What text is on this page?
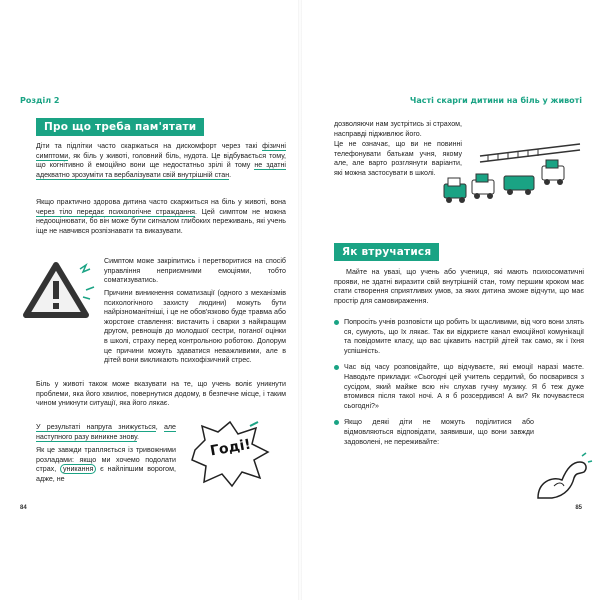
Розділ 2
Про що треба пам'ятати

Діти та підлітки часто скаржаться на дискомфорт через такі фізичні симптоми, як біль у животі, головний біль, нудота. Це відбувається тому, що когнітивно й емоційно вони ще недостатньо зрілі й тому не здатні адекватно зрозуміти та вербалізувати свій внутрішній стан.

Якщо практично здорова дитина часто скаржиться на біль у животі, вона через тіло передає психологічне страждання. Цей симптом не можна недооцінювати, бо він може бути сигналом глибоких переживань, які учень іще не навчився розпізнавати та виказувати.

Симптом може закріпитись і перетворитися на спосіб управління неприємними емоціями, тобто соматизуватись.

Причини виникнення соматизації (одного з механізмів психологічного захисту людини) можуть бути найрізноманітніші, і це не обов'язково буде травма або жорстоке ставлення: вистачить і сварки з найкращим другом, ревнощів до молодшої сестри, поганої оцінки в школі, страху перед контрольною роботою. Долорум це причини можуть здаватися неважливими, але в дітей вони викликають психофізичний стрес.

Біль у животі також може вказувати на те, що учень воліє уникнути проблеми, яка його хвилює, повернутися додому, в безпечне місце, і таким чином уникнути ситуації, яка його лякає.

У результаті напруга знижується, але наступного разу виникне знову.

Як це завжди трапляється із тривожними розладами: якщо ми хочемо подолати страх, уникання є найліпшим ворогом, адже, не

Годі!
84
Часті скарги дитини на біль у животі

дозволяючи нам зустрітись зі страхом, насправді підживлює його.

Це не означає, що ви не повинні телефонувати батькам учня, якому але, але варто розглянути варіанти, які можна застосувати в школі.

Як втручатися

Майте на увазі, що учень або учениця, які мають психосоматичні прояви, не здатні виразити свій внутрішній стан, тому першим кроком має стати створення сприятливих умов, за яких дитина зможе відчути, що має простір для самовираження.

Попросіть учнів розповісти що робить їх щасливими, від чого вони злять ся, сумують, що їх лякає. Так ви відкриєте канал емоційної комунікації та повідомите класу, що вас цікавить настрій дітей так само, як і їхня успішність.
Час від часу розповідайте, що відчуваєте, які емоції наразі маєте. Наводьте приклади: «Сьогодні цей учитель сердитий, бо посварився з сусідом, який майже всю ніч слухав гучну музику. Я б теж дуже втомився після такої ночі. А я б розсердився! А ви? Як почуваєтеся сьогодні?»
Якщо деякі діти не можуть поділитися або відмовляються відповідати, заявивши, що вони завжди задоволені, не переживайте:
85
